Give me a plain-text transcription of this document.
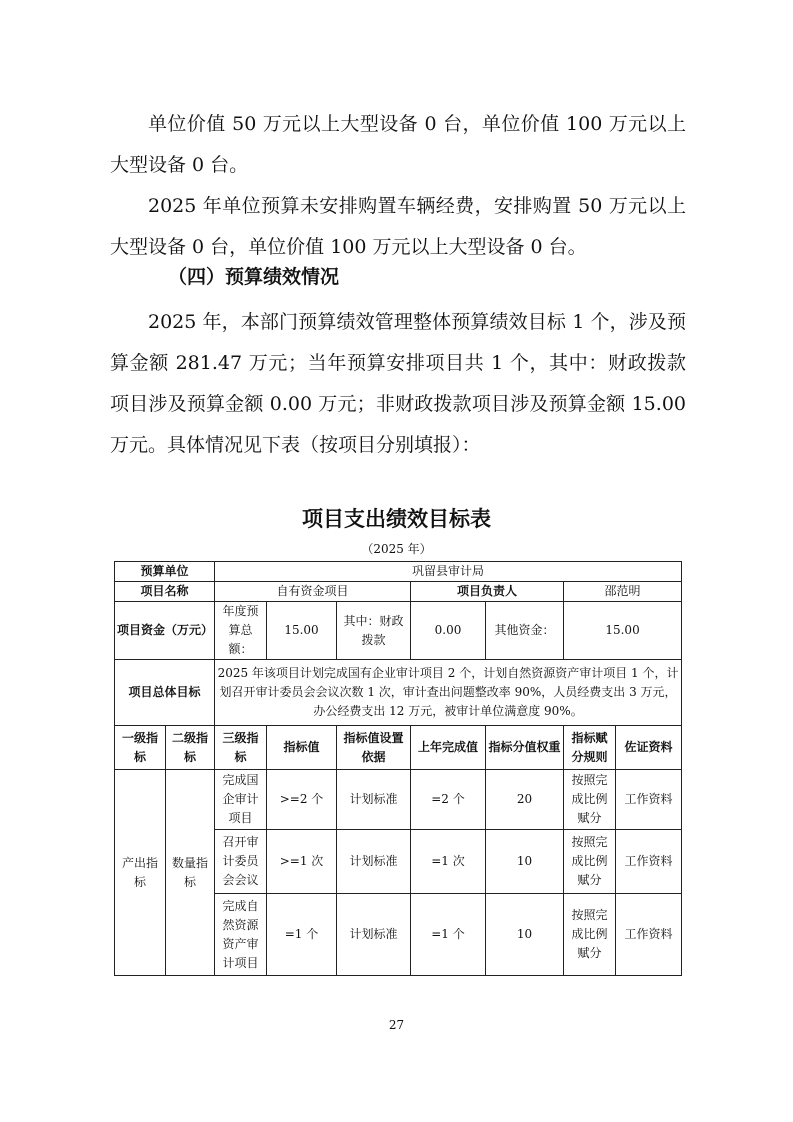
单位价值 50 万元以上大型设备 0 台，单位价值 100 万元以上大型设备 0 台。
2025 年单位预算未安排购置车辆经费，安排购置 50 万元以上大型设备 0 台，单位价值 100 万元以上大型设备 0 台。
（四）预算绩效情况
2025 年，本部门预算绩效管理整体预算绩效目标 1 个，涉及预算金额 281.47 万元；当年预算安排项目共 1 个，其中：财政拨款项目涉及预算金额 0.00 万元；非财政拨款项目涉及预算金额 15.00 万元。具体情况见下表（按项目分别填报）：
项目支出绩效目标表
（2025 年）
预算单位		巩留县审计局						
项目名称		自有资金项目			项目负责人		邵范明	
项目资金（万元）		年度预算总额：	15.00	其中：财政拨款	0.00	其他资金：	15.00	
项目总体目标		2025 年该项目计划完成国有企业审计项目 2 个，计划自然资源资产审计项目 1 个，计划召开审计委员会会议次数 1 次，审计查出问题整改率 90%，人员经费支出 3 万元，办公经费支出 12 万元，被审计单位满意度 90%。						
一级指标	二级指标	三级指标	指标值	指标值设置依据	上年完成值	指标分值权重	指标赋分规则	佐证资料
产出指标	数量指标	完成国企审计项目	>=2 个	计划标准	=2 个	20	按照完成比例赋分	工作资料
		召开审计委员会会议	>=1 次	计划标准	=1 次	10	按照完成比例赋分	工作资料
		完成自然资源资产审计项目	=1 个	计划标准	=1 个	10	按照完成比例赋分	工作资料
27
